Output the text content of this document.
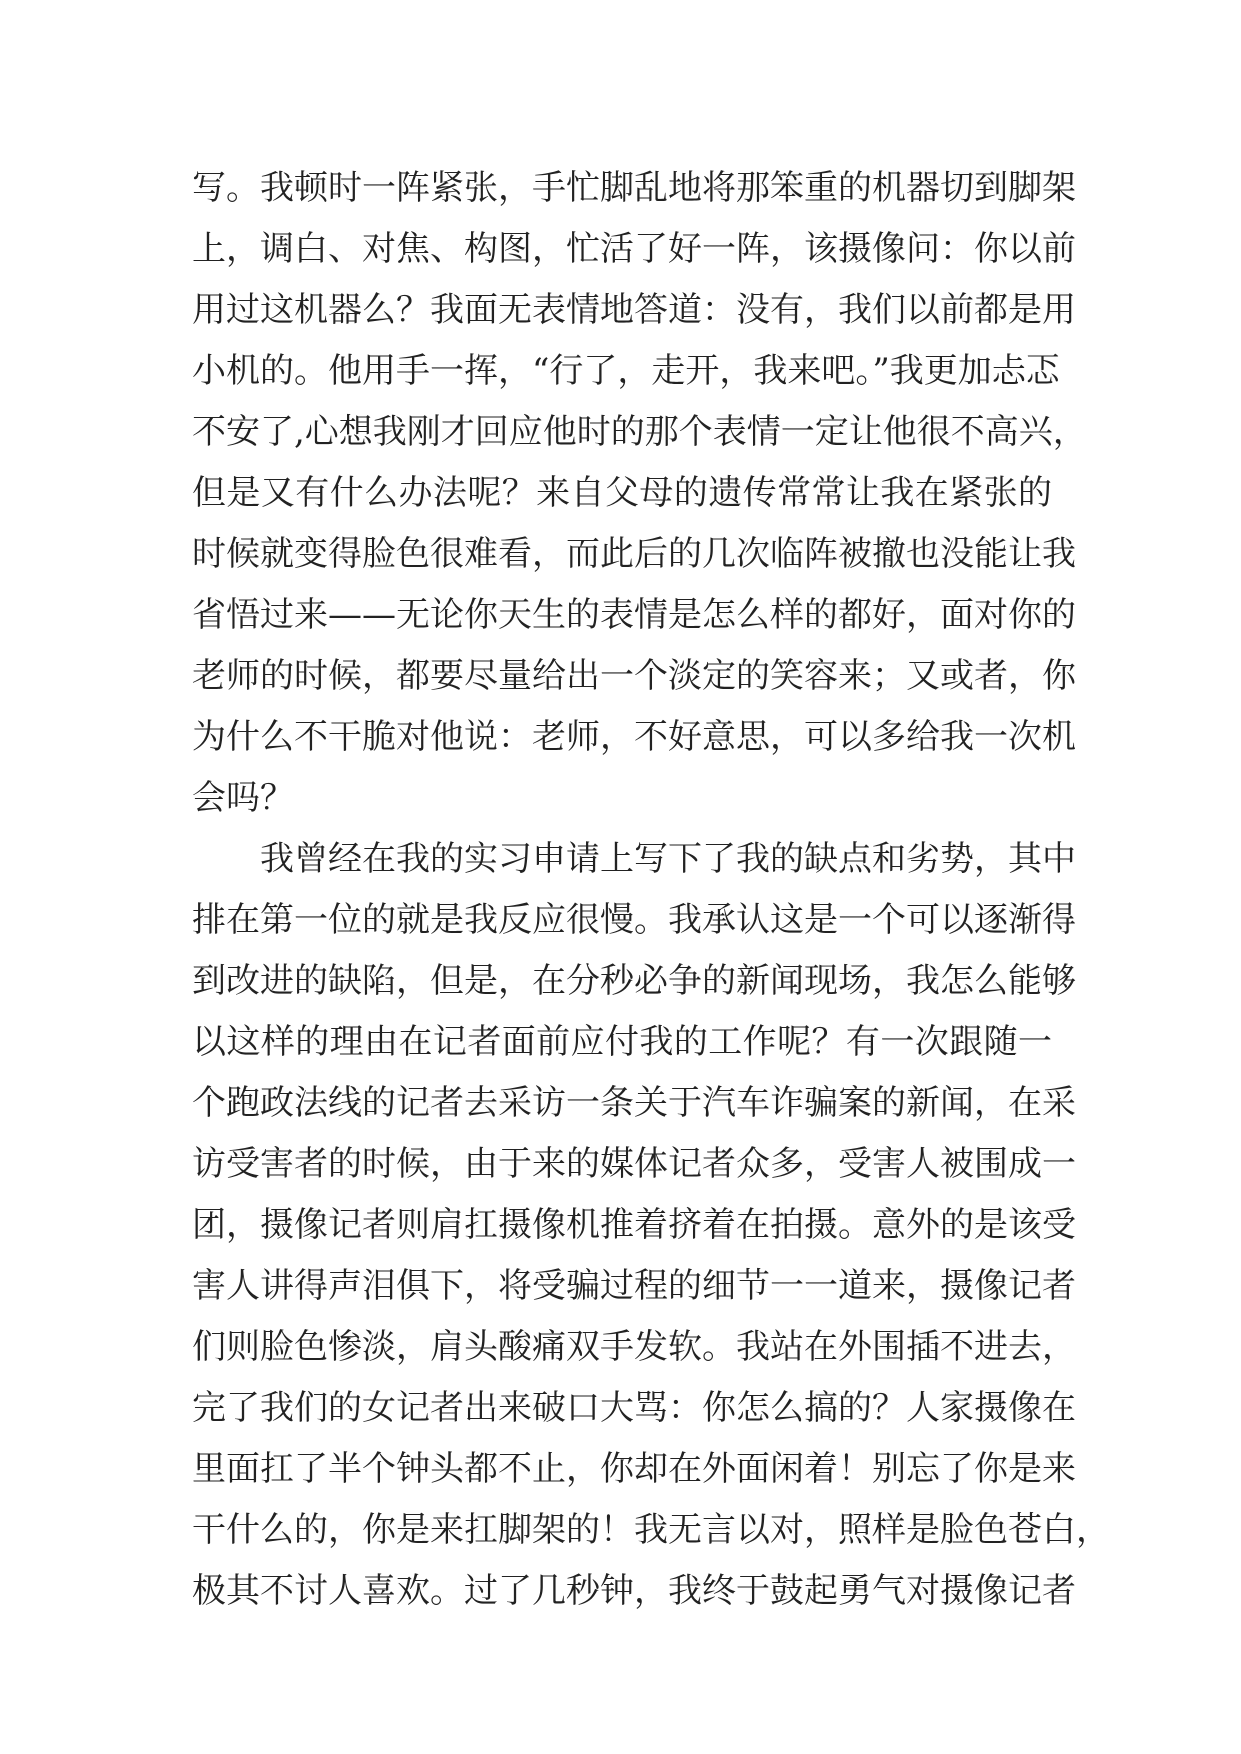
写。我顿时一阵紧张，手忙脚乱地将那笨重的机器切到脚架
上，调白、对焦、构图，忙活了好一阵，该摄像问：你以前
用过这机器么？我面无表情地答道：没有，我们以前都是用
小机的。他用手一挥，“行了，走开，我来吧。”我更加忐忑
不安了,心想我刚才回应他时的那个表情一定让他很不高兴，
但是又有什么办法呢？来自父母的遗传常常让我在紧张的
时候就变得脸色很难看，而此后的几次临阵被撤也没能让我
省悟过来——无论你天生的表情是怎么样的都好，面对你的
老师的时候，都要尽量给出一个淡定的笑容来；又或者，你
为什么不干脆对他说：老师，不好意思，可以多给我一次机
会吗？
我曾经在我的实习申请上写下了我的缺点和劣势，其中
排在第一位的就是我反应很慢。我承认这是一个可以逐渐得
到改进的缺陷，但是，在分秒必争的新闻现场，我怎么能够
以这样的理由在记者面前应付我的工作呢？有一次跟随一
个跑政法线的记者去采访一条关于汽车诈骗案的新闻，在采
访受害者的时候，由于来的媒体记者众多，受害人被围成一
团，摄像记者则肩扛摄像机推着挤着在拍摄。意外的是该受
害人讲得声泪俱下，将受骗过程的细节一一道来，摄像记者
们则脸色惨淡，肩头酸痛双手发软。我站在外围插不进去，
完了我们的女记者出来破口大骂：你怎么搞的？人家摄像在
里面扛了半个钟头都不止，你却在外面闲着！别忘了你是来
干什么的，你是来扛脚架的！我无言以对，照样是脸色苍白，
极其不讨人喜欢。过了几秒钟，我终于鼓起勇气对摄像记者
